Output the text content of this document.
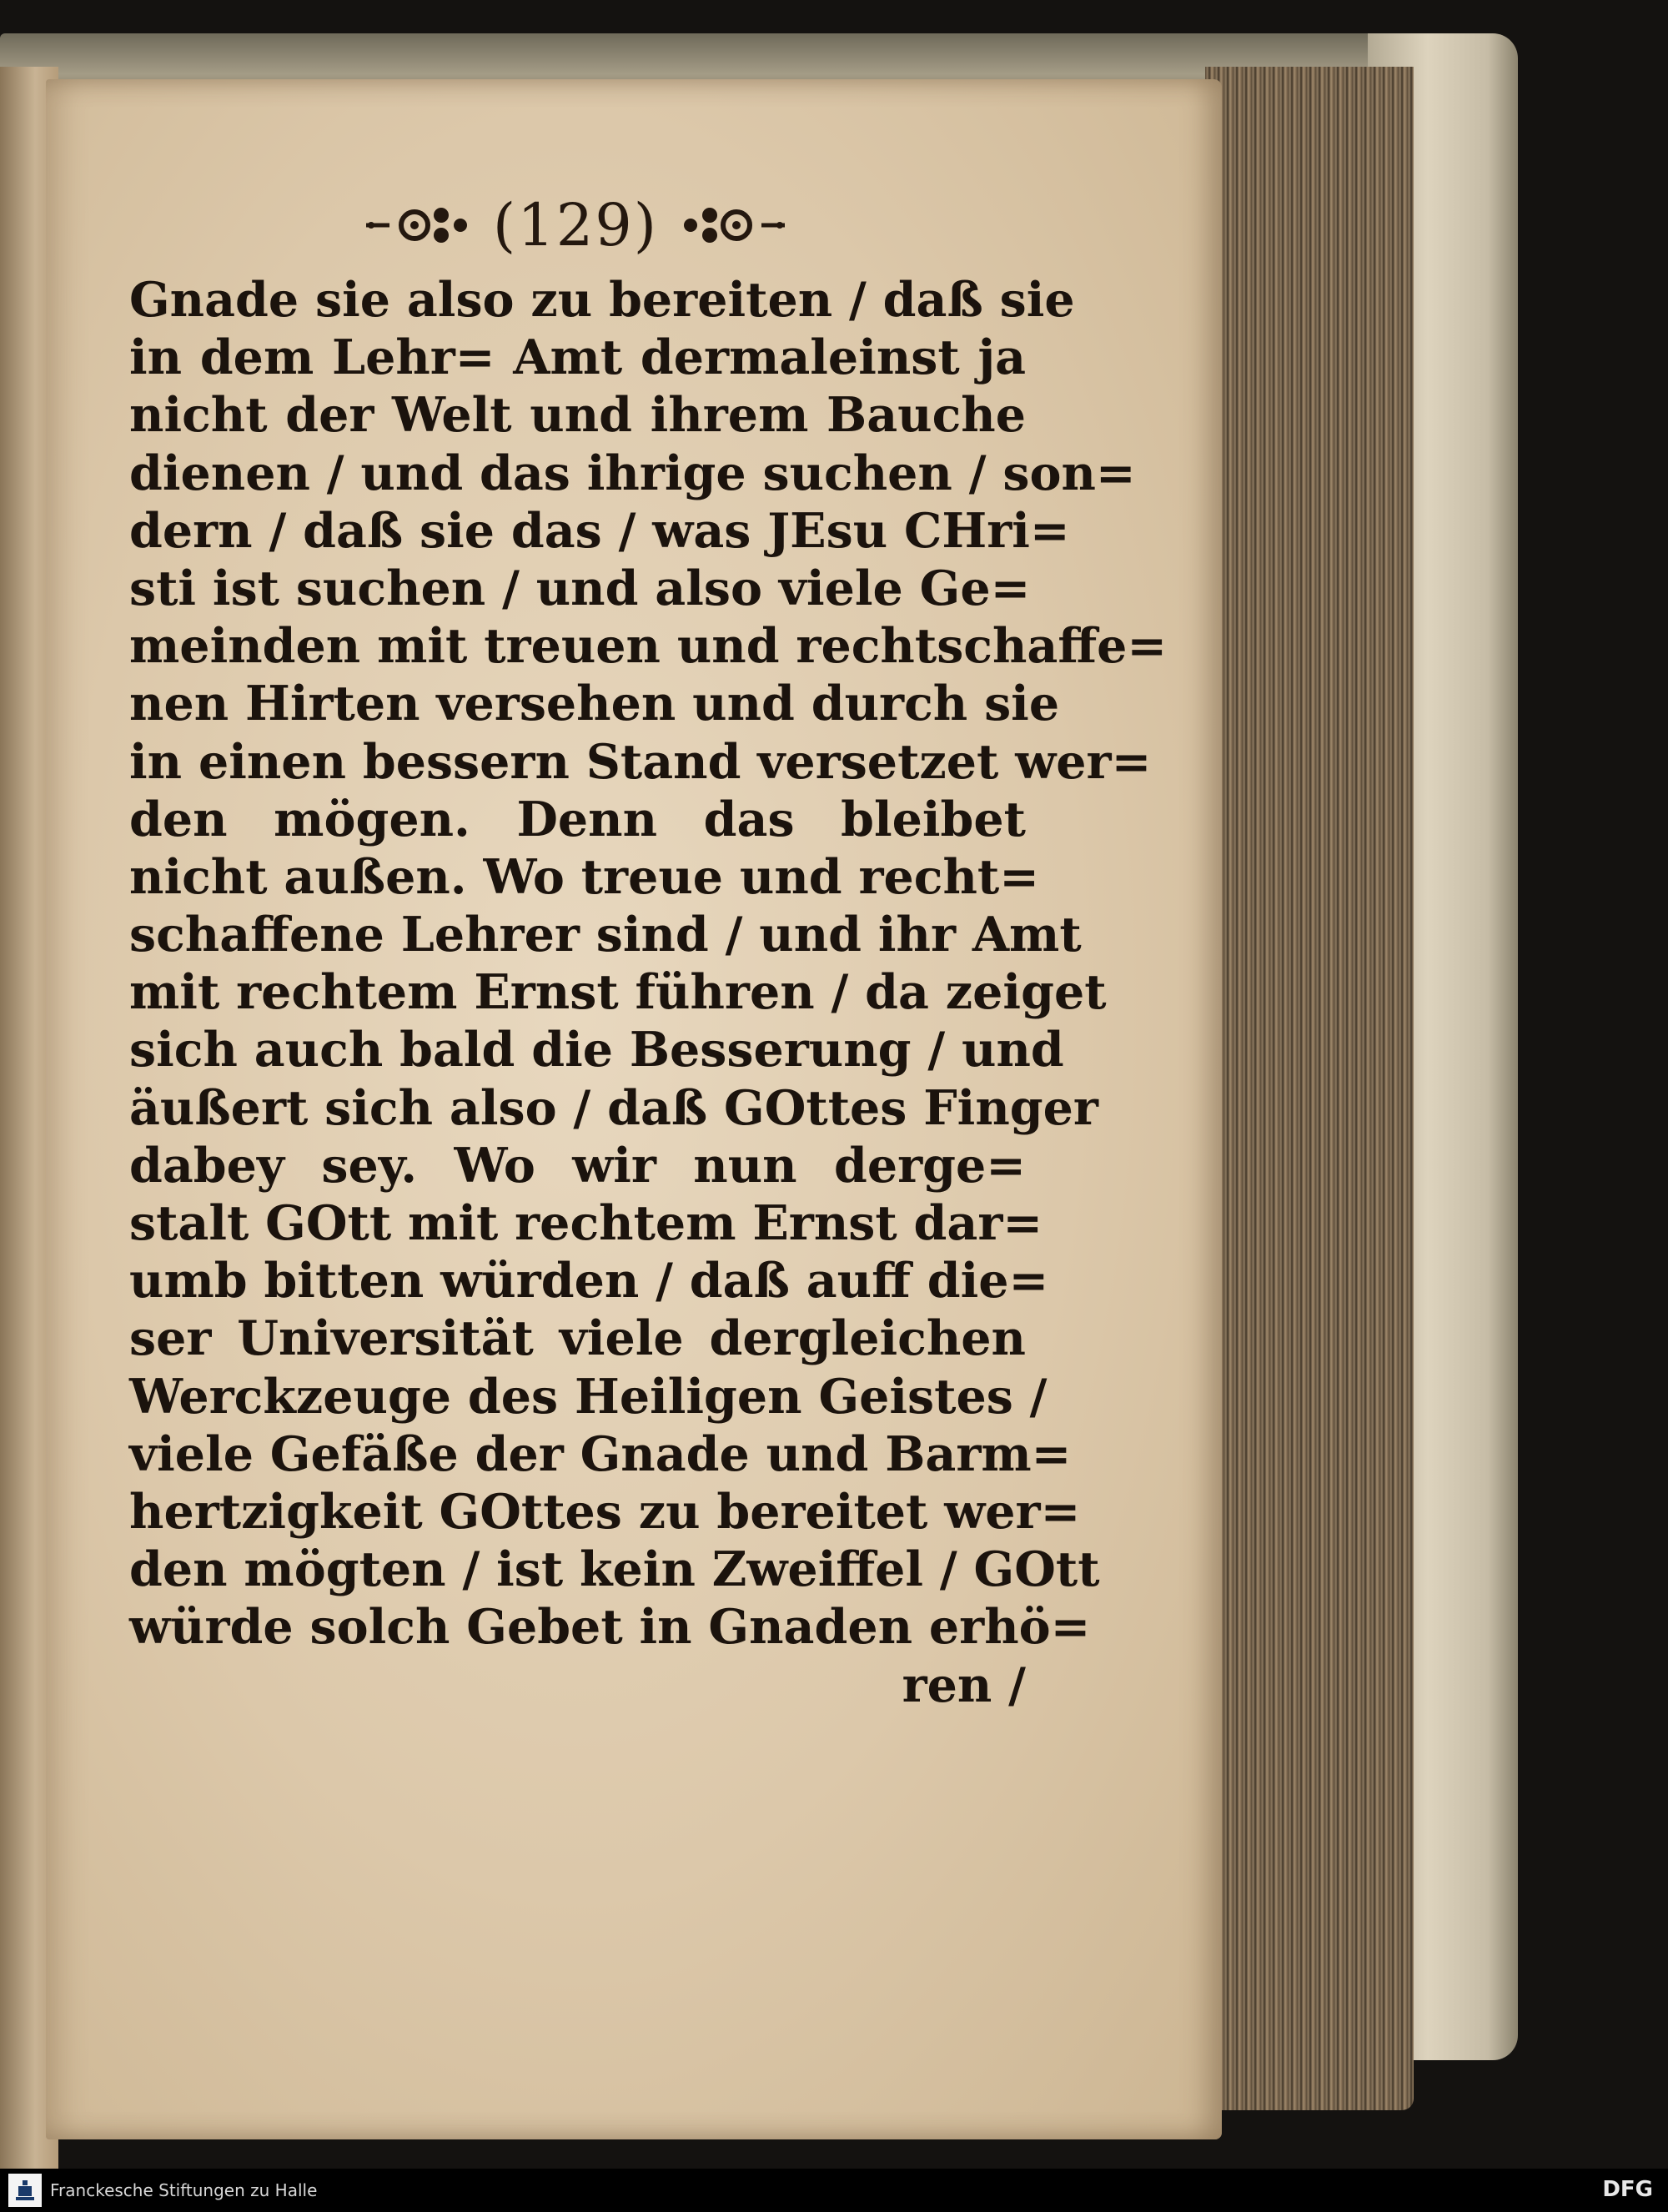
(129)
Gnade sie also zu bereiten / daß sie
in dem Lehr= Amt dermaleinst ja
nicht der Welt und ihrem Bauche
dienen / und das ihrige suchen / son=
dern / daß sie das / was JEsu CHri=
sti ist suchen / und also viele Ge=
meinden mit treuen und rechtschaffe=
nen Hirten versehen und durch sie
in einen bessern Stand versetzet wer=
den mögen. Denn das bleibet
nicht außen. Wo treue und recht=
schaffene Lehrer sind / und ihr Amt
mit rechtem Ernst führen / da zeiget
sich auch bald die Besserung / und
äußert sich also / daß GOttes Finger
dabey sey. Wo wir nun derge=
stalt GOtt mit rechtem Ernst dar=
umb bitten würden / daß auff die=
ser Universität viele dergleichen
Werckzeuge des Heiligen Geistes /
viele Gefäße der Gnade und Barm=
hertzigkeit GOttes zu bereitet wer=
den mögten / ist kein Zweiffel / GOtt
würde solch Gebet in Gnaden erhö=
ren /
Franckesche Stiftungen zu Halle	DFG
